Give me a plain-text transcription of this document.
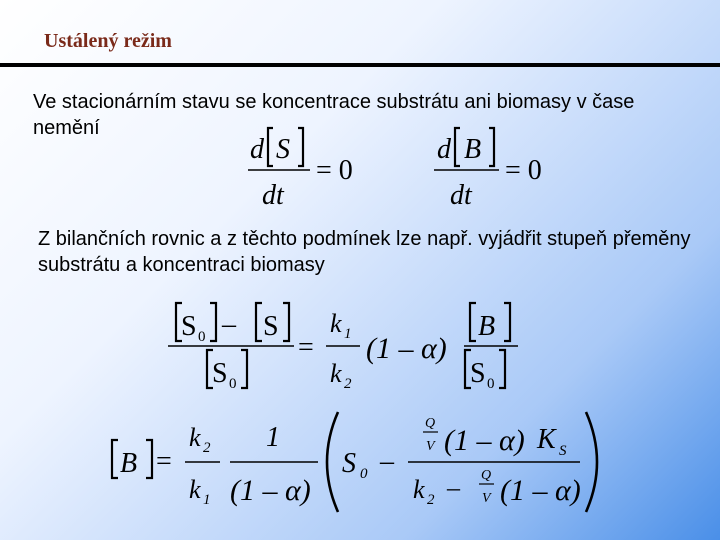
Ustálený režim
Ve stacionárním stavu se koncentrace substrátu ani biomasy v čase nemění
Z bilančních rovnic a z těchto podmínek lze např. vyjádřit stupeň přeměny substrátu a koncentraci biomasy
d S
dt
= 0
d B
dt
= 0
S 0 – S
S 0
=
k 1
k 2
(1 – α)
B
S 0
B =
k 2
k 1
1
(1 – α)
S 0 –
Q
V (1 – α) K S
k 2 – Q
V (1 – α)
